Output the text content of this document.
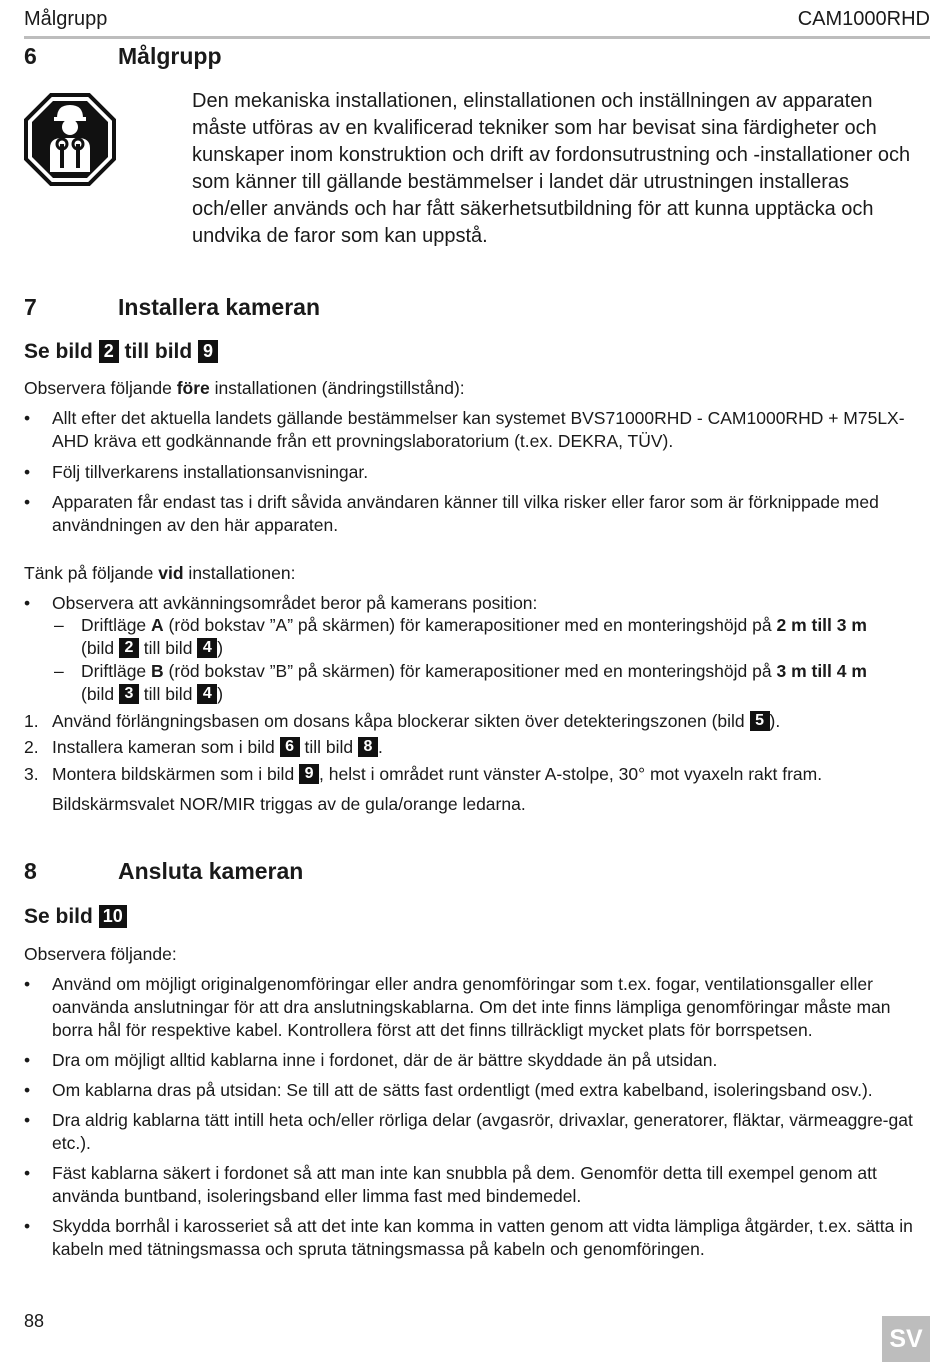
Målgrupp	CAM1000RHD
6	Målgrupp

Den mekaniska installationen, elinstallationen och inställningen av apparaten måste utföras av en kvalificerad tekniker som har bevisat sina färdigheter och kunskaper inom konstruktion och drift av fordonsutrustning och -installationer och som känner till gällande bestämmelser i landet där utrustningen installeras och/eller används och har fått säkerhetsutbildning för att kunna upptäcka och undvika de faror som kan uppstå.

7	Installera kameran
Se bild 2 till bild 9
Observera följande före installationen (ändringstillstånd):
• Allt efter det aktuella landets gällande bestämmelser kan systemet BVS71000RHD - CAM1000RHD + M75LX-AHD kräva ett godkännande från ett provningslaboratorium (t.ex. DEKRA, TÜV).
• Följ tillverkarens installationsanvisningar.
• Apparaten får endast tas i drift såvida användaren känner till vilka risker eller faror som är förknippade med användningen av den här apparaten.
Tänk på följande vid installationen:
• Observera att avkänningsområdet beror på kamerans position:
– Driftläge A (röd bokstav ”A” på skärmen) för kamerapositioner med en monteringshöjd på 2 m till 3 m
(bild 2 till bild 4 )
– Driftläge B (röd bokstav ”B” på skärmen) för kamerapositioner med en monteringshöjd på 3 m till 4 m
(bild 3 till bild 4 )
1. Använd förlängningsbasen om dosans kåpa blockerar sikten över detekteringszonen (bild 5 ).
2. Installera kameran som i bild 6 till bild 8 .
3. Montera bildskärmen som i bild 9 , helst i området runt vänster A-stolpe, 30° mot vyaxeln rakt fram.
Bildskärmsvalet NOR/MIR triggas av de gula/orange ledarna.
8	Ansluta kameran
Se bild 10
Observera följande:
• Använd om möjligt originalgenomföringar eller andra genomföringar som t.ex. fogar, ventilationsgaller eller oanvända anslutningar för att dra anslutningskablarna. Om det inte finns lämpliga genomföringar måste man borra hål för respektive kabel. Kontrollera först att det finns tillräckligt mycket plats för borrspetsen.
• Dra om möjligt alltid kablarna inne i fordonet, där de är bättre skyddade än på utsidan.
• Om kablarna dras på utsidan: Se till att de sätts fast ordentligt (med extra kabelband, isoleringsband osv.).
• Dra aldrig kablarna tätt intill heta och/eller rörliga delar (avgasrör, drivaxlar, generatorer, fläktar, värmeaggre-gat etc.).
• Fäst kablarna säkert i fordonet så att man inte kan snubbla på dem. Genomför detta till exempel genom att använda buntband, isoleringsband eller limma fast med bindemedel.
• Skydda borrhål i karosseriet så att det inte kan komma in vatten genom att vidta lämpliga åtgärder, t.ex. sätta in kabeln med tätningsmassa och spruta tätningsmassa på kabeln och genomföringen.
88
SV
